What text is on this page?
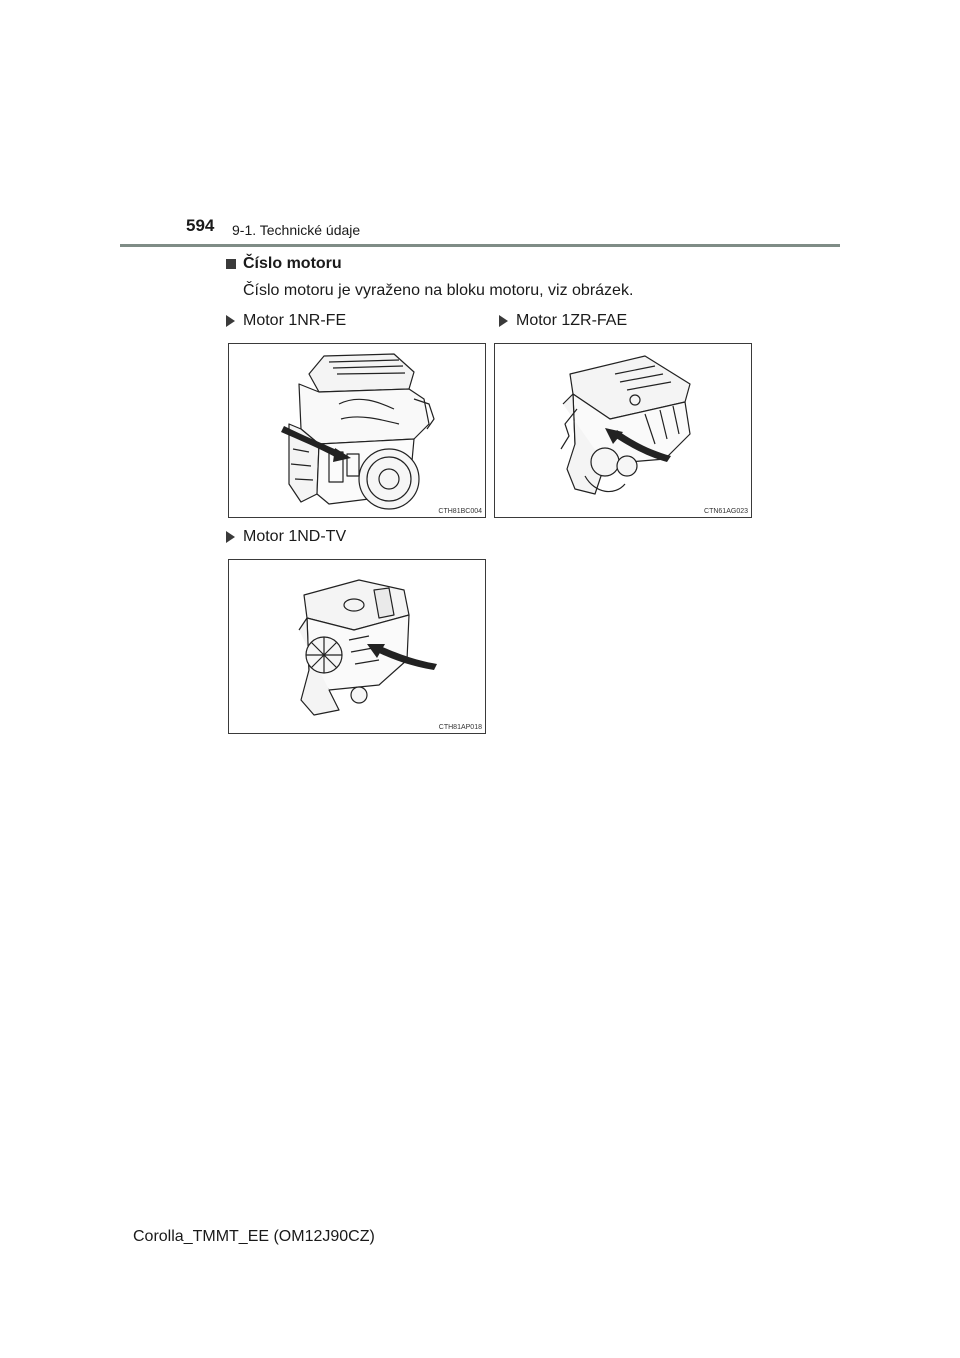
594 9-1. Technické údaje
Číslo motoru
Číslo motoru je vyraženo na bloku motoru, viz obrázek.
Motor 1NR-FE	Motor 1ZR-FAE
CTH81BC004	CTN61AG023
Motor 1ND-TV
CTH81AP018
Corolla_TMMT_EE (OM12J90CZ)
